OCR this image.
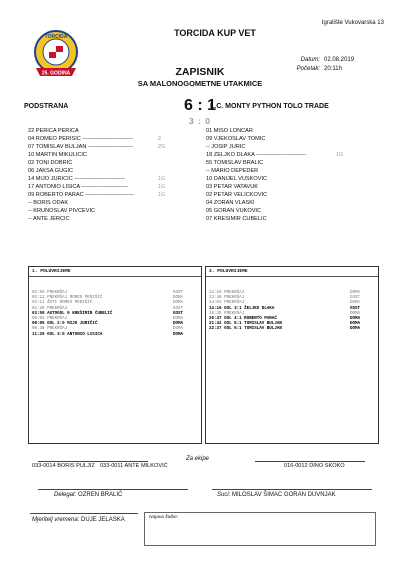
Igralište Vukovarska 13
TORCIDA
25. GODINA
TORCIDA KUP VET
Datum: 02.08.2019
Početak: 20:11h
ZAPISNIK
SA MALONOGOMETNE UTAKMICE
PODSTRANA	6 : 1
L.C. MONTY PYTHON TOLO TRADE
3 : 0
22 PERICA PERICA
04 ROMEO PERIŠIĆ ---------------------------	2
07 TOMISLAV BULJAN ------------------------	2G
10 MARTIN MIKULIČIĆ
02 TONI DOBRIĆ
06 JAKŠA GUGIĆ
14 MIJO JURIČIĆ ---------------------------	1G
17 ANTONIO LISICA -------------------------	1G
09 ROBERTO PARAĆ --------------------------	1G
-- BORIS ODAK
-- KRUNOSLAV PIVČEVIĆ
-- ANTE JERČIĆ
01 MIŠO LONČAR
09 VJEKOSLAV TOMIĆ
-- JOSIP JURIĆ
18 ŽELJKO DLAKA ---------------------------	1G
55 TOMISLAV BRALIĆ
-- MARIO DEPEDER
10 DANIJEL VUŠKOVIĆ
03 PETAR VATAVUK
02 PETAR VELIČKOVIĆ
04 ZORAN VLAŠKI
05 GORAN VUKOVIĆ
07 KREŠIMIR ĆUBELIĆ
1. POLUVRIJEME
02:56 PREKRŠAJ	GOST
03:11 PREKRŠAJ ROMEO PERIŠIĆ	DOMA
03:11 ŽUTI ROMEO PERIŠIĆ	DOMA
03:26 PREKRŠAJ	GOST
03:59 AUTOGOL 0 KREŠIMIR ĆUBELIĆ	GOST
06:55 PREKRŠAJ	DOMA
08:05 GOL 2:0 MIJO JURIČIĆ	DOMA
08:38 PREKRŠAJ	DOMA
11:29 GOL 3:0 ANTONIO LISICA	DOMA
2. POLUVRIJEME
13:16 PREKRŠAJ	DOMA
13:48 PREKRŠAJ	GOST
14:03 PREKRŠAJ	DOMA
14:16 GOL 3:1 ŽELJKO DLAKA	GOST
16:35 PREKRŠAJ	DOMA
20:47 GOL 4:1 ROBERTO PARAĆ	DOMA
21:42 GOL 5:1 TOMISLAV BULJAN	DOMA
22:37 GOL 6:1 TOMISLAV BULJAN	DOMA
Za ekipe
033-0014 BORIS PULJIZ 033-0011 ANTE MILKOVIĆ	016-0012 DINO SKOKO
Delegat: OZREN BRALIĆ	Suci: MILOSLAV ŠIMAC GORAN DUVNJAK
Mjeritelj vremena: DUJE JELASKA	Najava žalbe:
